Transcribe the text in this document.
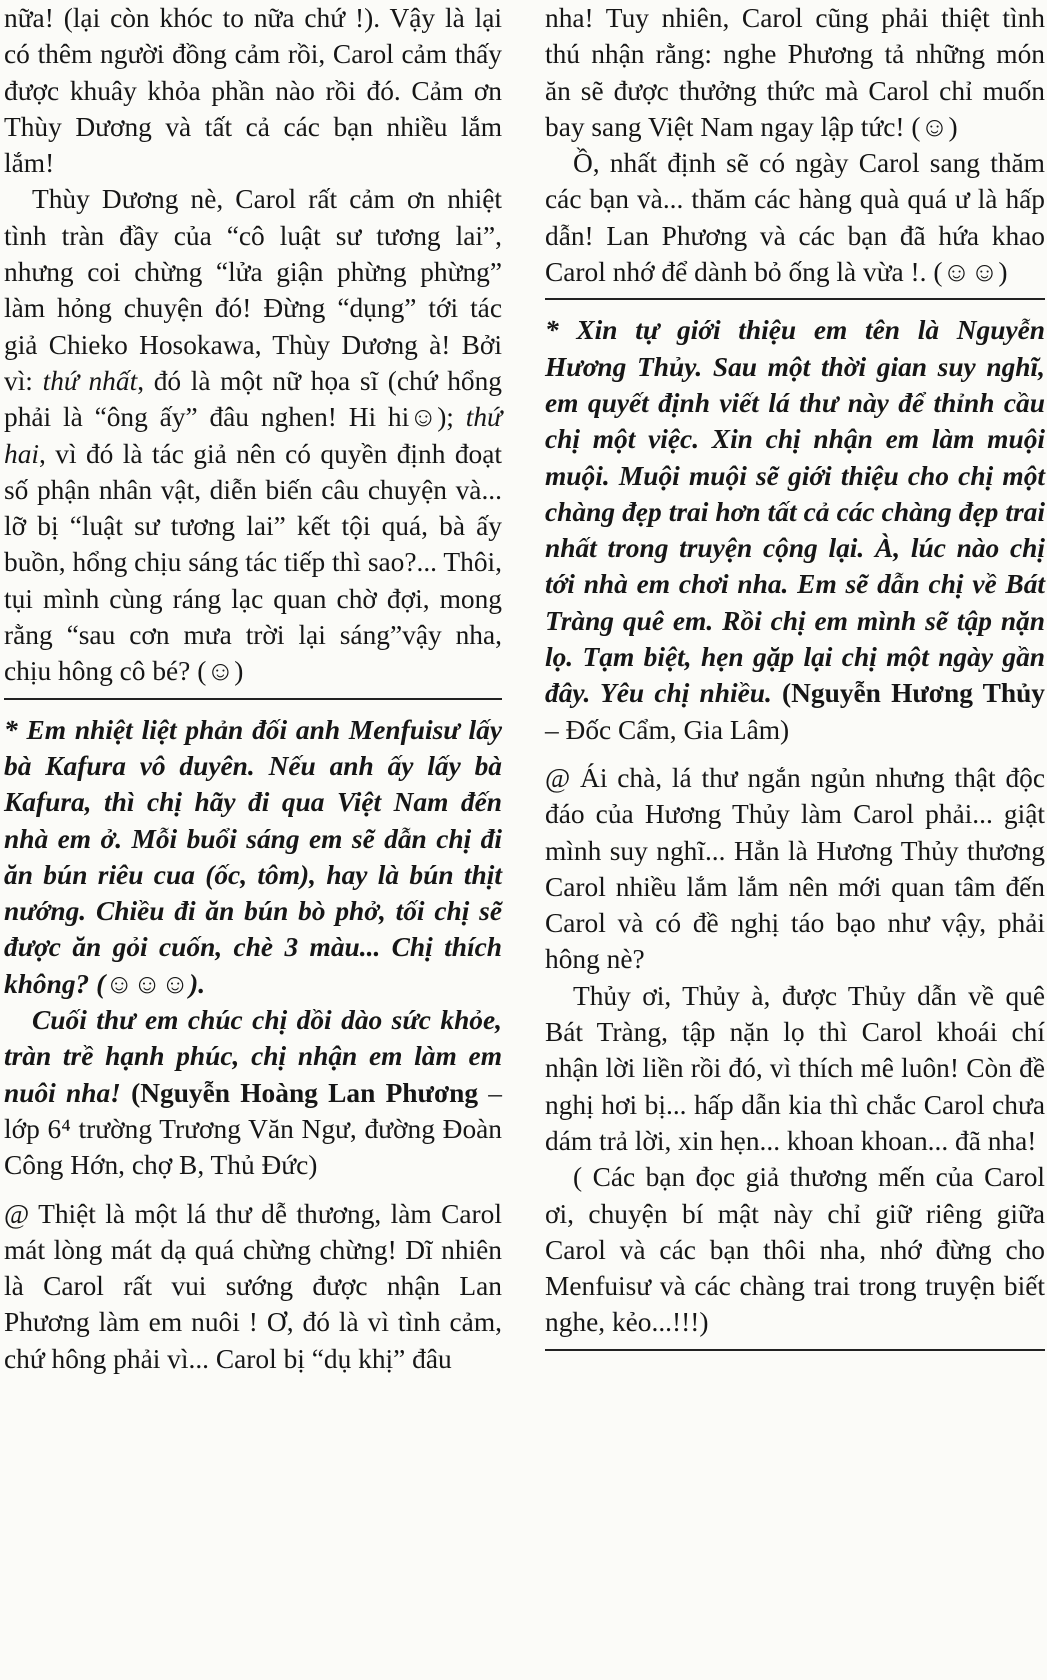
nữa! (lại còn khóc to nữa chứ !). Vậy là lại có thêm người đồng cảm rồi, Carol cảm thấy được khuây khỏa phần nào rồi đó. Cảm ơn Thùy Dương và tất cả các bạn nhiều lắm lắm!

Thùy Dương nè, Carol rất cảm ơn nhiệt tình tràn đầy của “cô luật sư tương lai”, nhưng coi chừng “lửa giận phừng phừng” làm hỏng chuyện đó! Đừng “dụng” tới tác giả Chieko Hosokawa, Thùy Dương à! Bởi vì: thứ nhất, đó là một nữ họa sĩ (chứ hổng phải là “ông ấy” đâu nghen! Hi hi☺); thứ hai, vì đó là tác giả nên có quyền định đoạt số phận nhân vật, diễn biến câu chuyện và... lỡ bị “luật sư tương lai” kết tội quá, bà ấy buồn, hổng chịu sáng tác tiếp thì sao?... Thôi, tụi mình cùng ráng lạc quan chờ đợi, mong rằng “sau cơn mưa trời lại sáng”vậy nha, chịu hông cô bé? (☺)

* Em nhiệt liệt phản đối anh Menfuisư lấy bà Kafura vô duyên. Nếu anh ấy lấy bà Kafura, thì chị hãy đi qua Việt Nam đến nhà em ở. Mỗi buổi sáng em sẽ dẫn chị đi ăn bún riêu cua (ốc, tôm), hay là bún thịt nướng. Chiều đi ăn bún bò phở, tối chị sẽ được ăn gỏi cuốn, chè 3 màu... Chị thích không? (☺☺☺).

Cuối thư em chúc chị dồi dào sức khỏe, tràn trề hạnh phúc, chị nhận em làm em nuôi nha! (Nguyễn Hoàng Lan Phương – lớp 6⁴ trường Trương Văn Ngư, đường Đoàn Công Hớn, chợ B, Thủ Đức)

@ Thiệt là một lá thư dễ thương, làm Carol mát lòng mát dạ quá chừng chừng! Dĩ nhiên là Carol rất vui sướng được nhận Lan Phương làm em nuôi ! Ơ, đó là vì tình cảm, chứ hông phải vì... Carol bị “dụ khị” đâu

nha! Tuy nhiên, Carol cũng phải thiệt tình thú nhận rằng: nghe Phương tả những món ăn sẽ được thưởng thức mà Carol chỉ muốn bay sang Việt Nam ngay lập tức! (☺)

Ồ, nhất định sẽ có ngày Carol sang thăm các bạn và... thăm các hàng quà quá ư là hấp dẫn! Lan Phương và các bạn đã hứa khao Carol nhớ để dành bỏ ống là vừa !. (☺☺)

* Xin tự giới thiệu em tên là Nguyễn Hương Thủy. Sau một thời gian suy nghĩ, em quyết định viết lá thư này để thỉnh cầu chị một việc. Xin chị nhận em làm muội muội. Muội muội sẽ giới thiệu cho chị một chàng đẹp trai hơn tất cả các chàng đẹp trai nhất trong truyện cộng lại. À, lúc nào chị tới nhà em chơi nha. Em sẽ dẫn chị về Bát Tràng quê em. Rồi chị em mình sẽ tập nặn lọ. Tạm biệt, hẹn gặp lại chị một ngày gần đây. Yêu chị nhiều. (Nguyễn Hương Thủy – Đốc Cẩm, Gia Lâm)

@ Ái chà, lá thư ngắn ngủn nhưng thật độc đáo của Hương Thủy làm Carol phải... giật mình suy nghĩ... Hẳn là Hương Thủy thương Carol nhiều lắm lắm nên mới quan tâm đến Carol và có đề nghị táo bạo như vậy, phải hông nè?

Thủy ơi, Thủy à, được Thủy dẫn về quê Bát Tràng, tập nặn lọ thì Carol khoái chí nhận lời liền rồi đó, vì thích mê luôn! Còn đề nghị hơi bị... hấp dẫn kia thì chắc Carol chưa dám trả lời, xin hẹn... khoan khoan... đã nha!

( Các bạn đọc giả thương mến của Carol ơi, chuyện bí mật này chỉ giữ riêng giữa Carol và các bạn thôi nha, nhớ đừng cho Menfuisư và các chàng trai trong truyện biết nghe, kẻo...!!!)
